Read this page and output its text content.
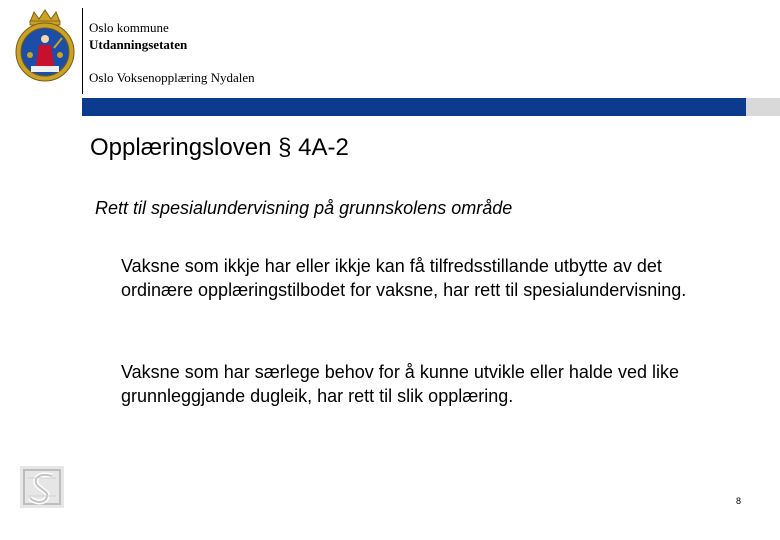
Oslo kommune
Utdanningsetaten
Oslo Voksenopplæring Nydalen
Opplæringsloven § 4A-2
Rett til spesialundervisning på grunnskolens område
Vaksne som ikkje har eller ikkje kan få tilfredsstillande utbytte av det ordinære opplæringstilbodet for vaksne, har rett til spesialundervisning.
Vaksne som har særlege behov for å kunne utvikle eller halde ved like grunnleggjande dugleik, har rett til slik opplæring.
8
